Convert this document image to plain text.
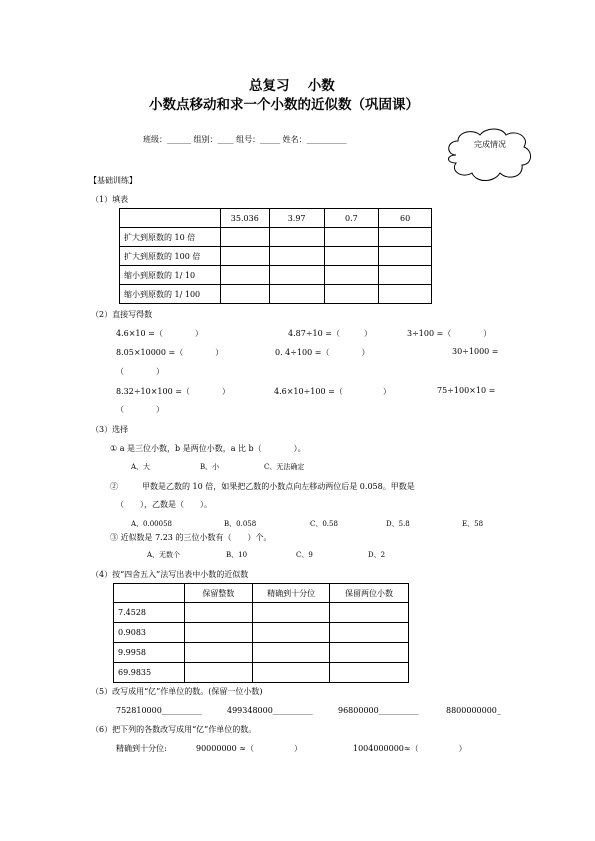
总复习　 小数
小数点移动和求一个小数的近似数（巩固课）
班级：______ 组别：____ 组号：_____ 姓名：__________
完成情况
【基础训练】
（1）填表
	35.036	3.97	0.7	60
扩大到原数的 10 倍				
扩大到原数的 100 倍				
缩小到原数的 1/ 10				
缩小到原数的 1/ 100				
（2）直接写得数
4.6×10 =（　　　　）	4.87÷10 =（　　　）	3÷100 =（　　　　）
8.05×10000 =（　　　　）	0. 4÷100 =（　　　　）	30÷1000 =
（　　　　）
8.32÷10×100 =（　　　　）	4.6×10÷100 =（　　　　　）	75÷100×10 =
（　　　　）
（3）选择
① a 是三位小数，b 是两位小数，a 比 b（　　　　）。
A、大	B、小	C、无法确定
②　　　甲数是乙数的 10 倍，如果把乙数的小数点向左移动两位后是 0.058。甲数是
（　　），乙数是（　　）。
A、0.00058	B、0.058	C、0.58	D、5.8	E、58
③ 近似数是 7.23 的三位小数有（　　）个。
A、无数个	B、10	C、9	D、2
（4）按“四舍五入”法写出表中小数的近似数
	保留整数	精确到十分位	保留两位小数
7.4528			
0.9083			
9.9958			
69.9835			
（5）改写成用“亿”作单位的数。(保留一位小数)
752810000__________	499348000__________	96800000__________	8800000000_
（6）把下列的各数改写成用“亿”作单位的数。
精确到十分位:	90000000 ≈（　　　　　）	1004000000≈（　　　　　）
